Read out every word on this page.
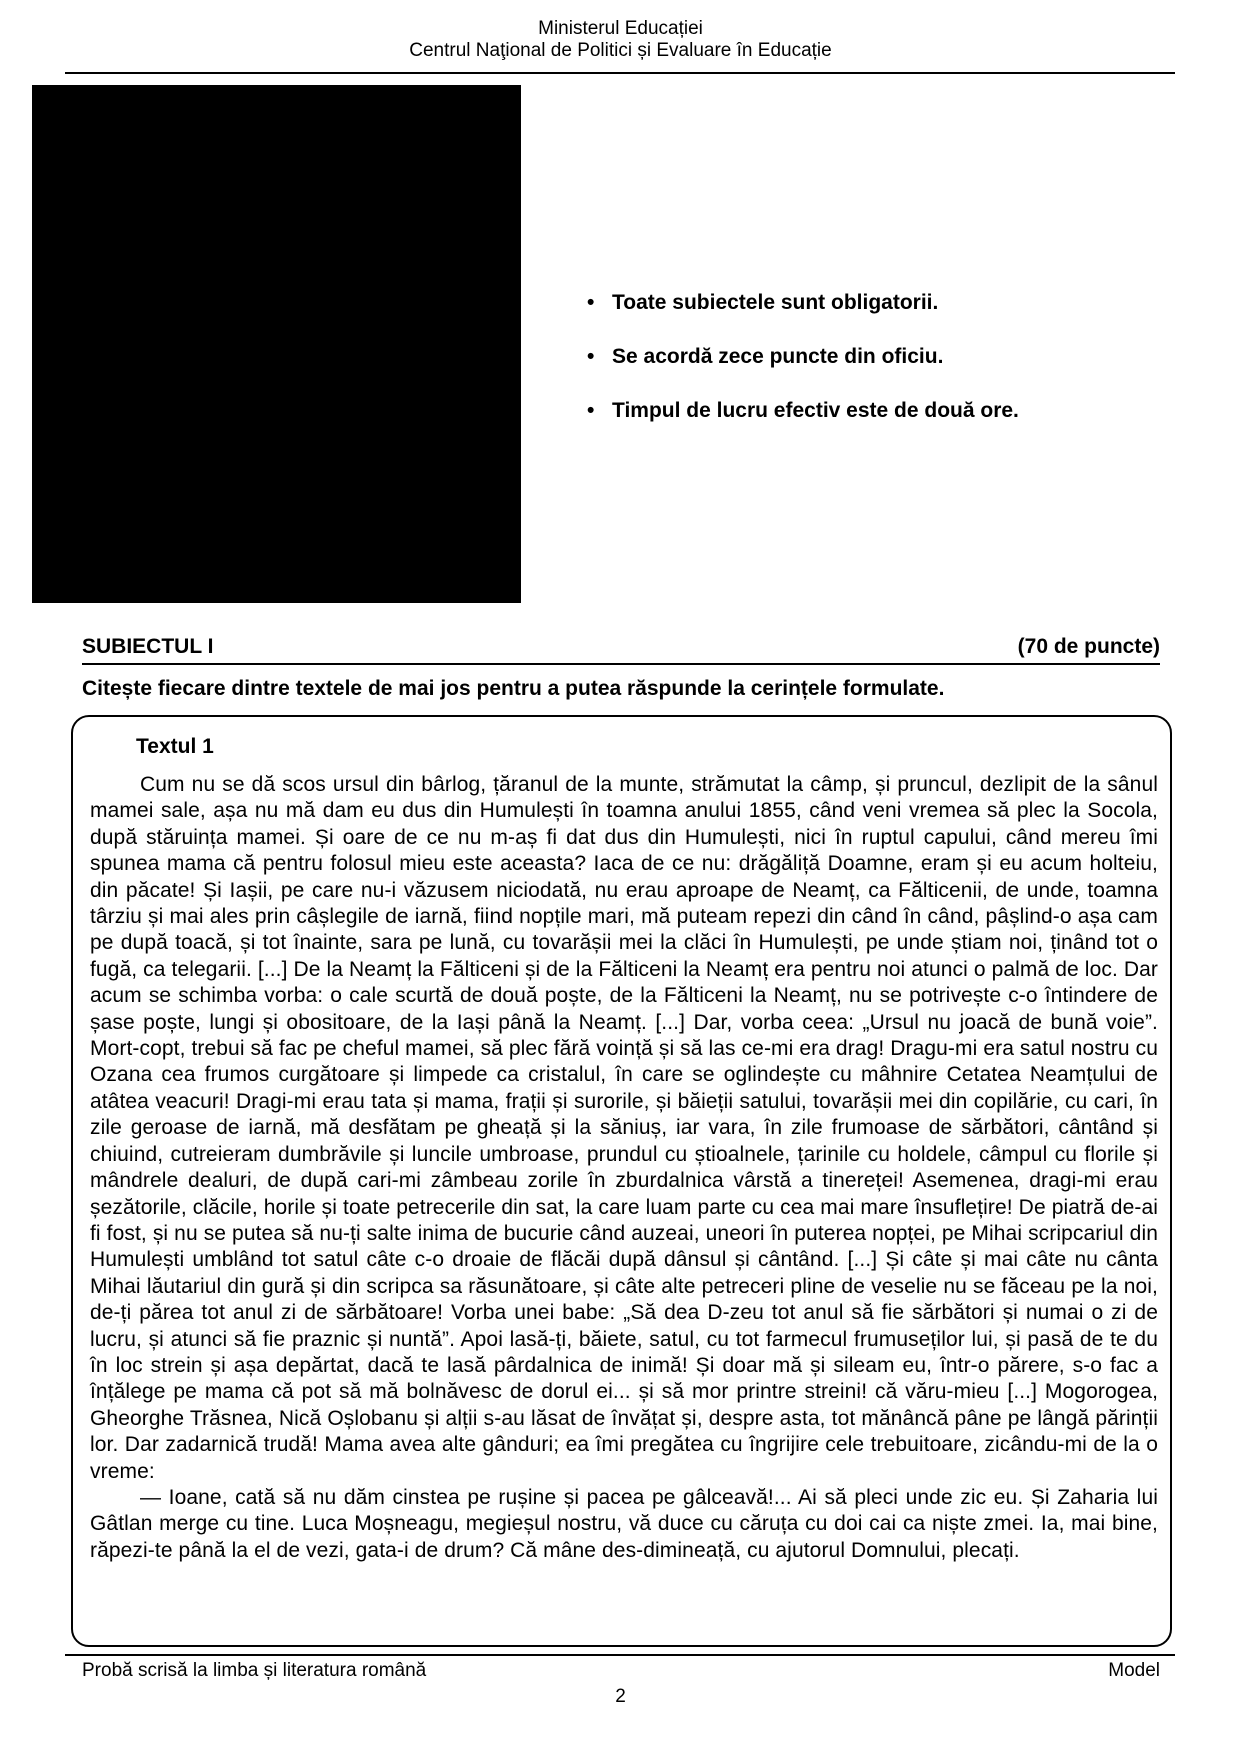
Ministerul Educației
Centrul Naţional de Politici și Evaluare în Educație
• Toate subiectele sunt obligatorii.
• Se acordă zece puncte din oficiu.
• Timpul de lucru efectiv este de două ore.
SUBIECTUL I	(70 de puncte)
Citește fiecare dintre textele de mai jos pentru a putea răspunde la cerințele formulate.
Textul 1

Cum nu se dă scos ursul din bârlog, țăranul de la munte, strămutat la câmp, și pruncul, dezlipit de la sânul mamei sale, așa nu mă dam eu dus din Humulești în toamna anului 1855, când veni vremea să plec la Socola, după stăruința mamei. Și oare de ce nu m-aș fi dat dus din Humulești, nici în ruptul capului, când mereu îmi spunea mama că pentru folosul mieu este aceasta? Iaca de ce nu: drăgăliță Doamne, eram și eu acum holteiu, din păcate! Și Iașii, pe care nu-i văzusem niciodată, nu erau aproape de Neamț, ca Fălticenii, de unde, toamna târziu și mai ales prin câșlegile de iarnă, fiind nopțile mari, mă puteam repezi din când în când, pâșlind-o așa cam pe după toacă, și tot înainte, sara pe lună, cu tovarășii mei la clăci în Humulești, pe unde știam noi, ținând tot o fugă, ca telegarii. [...] De la Neamț la Fălticeni și de la Fălticeni la Neamț era pentru noi atunci o palmă de loc. Dar acum se schimba vorba: o cale scurtă de două poște, de la Fălticeni la Neamț, nu se potrivește c-o întindere de șase poște, lungi și obositoare, de la Iași până la Neamț. [...] Dar, vorba ceea: „Ursul nu joacă de bună voie”. Mort-copt, trebui să fac pe cheful mamei, să plec fără voință și să las ce-mi era drag! Dragu-mi era satul nostru cu Ozana cea frumos curgătoare și limpede ca cristalul, în care se oglindește cu mâhnire Cetatea Neamțului de atâtea veacuri! Dragi-mi erau tata și mama, frații și surorile, și băieții satului, tovarășii mei din copilărie, cu cari, în zile geroase de iarnă, mă desfătam pe gheață și la săniuș, iar vara, în zile frumoase de sărbători, cântând și chiuind, cutreieram dumbrăvile și luncile umbroase, prundul cu știoalnele, țarinile cu holdele, câmpul cu florile și mândrele dealuri, de după cari-mi zâmbeau zorile în zburdalnica vârstă a tinereței! Asemenea, dragi-mi erau șezătorile, clăcile, horile și toate petrecerile din sat, la care luam parte cu cea mai mare însuflețire! De piatră de-ai fi fost, și nu se putea să nu-ți salte inima de bucurie când auzeai, uneori în puterea nopței, pe Mihai scripcariul din Humulești umblând tot satul câte c-o droaie de flăcăi după dânsul și cântând. [...] Și câte și mai câte nu cânta Mihai lăutariul din gură și din scripca sa răsunătoare, și câte alte petreceri pline de veselie nu se făceau pe la noi, de-ți părea tot anul zi de sărbătoare! Vorba unei babe: „Să dea D-zeu tot anul să fie sărbători și numai o zi de lucru, și atunci să fie praznic și nuntă”. Apoi lasă-ți, băiete, satul, cu tot farmecul frumuseților lui, și pasă de te du în loc strein și așa depărtat, dacă te lasă pârdalnica de inimă! Și doar mă și sileam eu, într-o părere, s-o fac a înțălege pe mama că pot să mă bolnăvesc de dorul ei... și să mor printre streini! că văru-mieu [...] Mogorogea, Gheorghe Trăsnea, Nică Oșlobanu și alții s-au lăsat de învățat și, despre asta, tot mănâncă pâne pe lângă părinții lor. Dar zadarnică trudă! Mama avea alte gânduri; ea îmi pregătea cu îngrijire cele trebuitoare, zicându-mi de la o vreme:

— Ioane, cată să nu dăm cinstea pe rușine și pacea pe gâlceavă!... Ai să pleci unde zic eu. Și Zaharia lui Gâtlan merge cu tine. Luca Moșneagu, megieșul nostru, vă duce cu căruța cu doi cai ca niște zmei. Ia, mai bine, răpezi-te până la el de vezi, gata-i de drum? Că mâne des-dimineață, cu ajutorul Domnului, plecați.

Probă scrisă la limba și literatura română	Model
2
